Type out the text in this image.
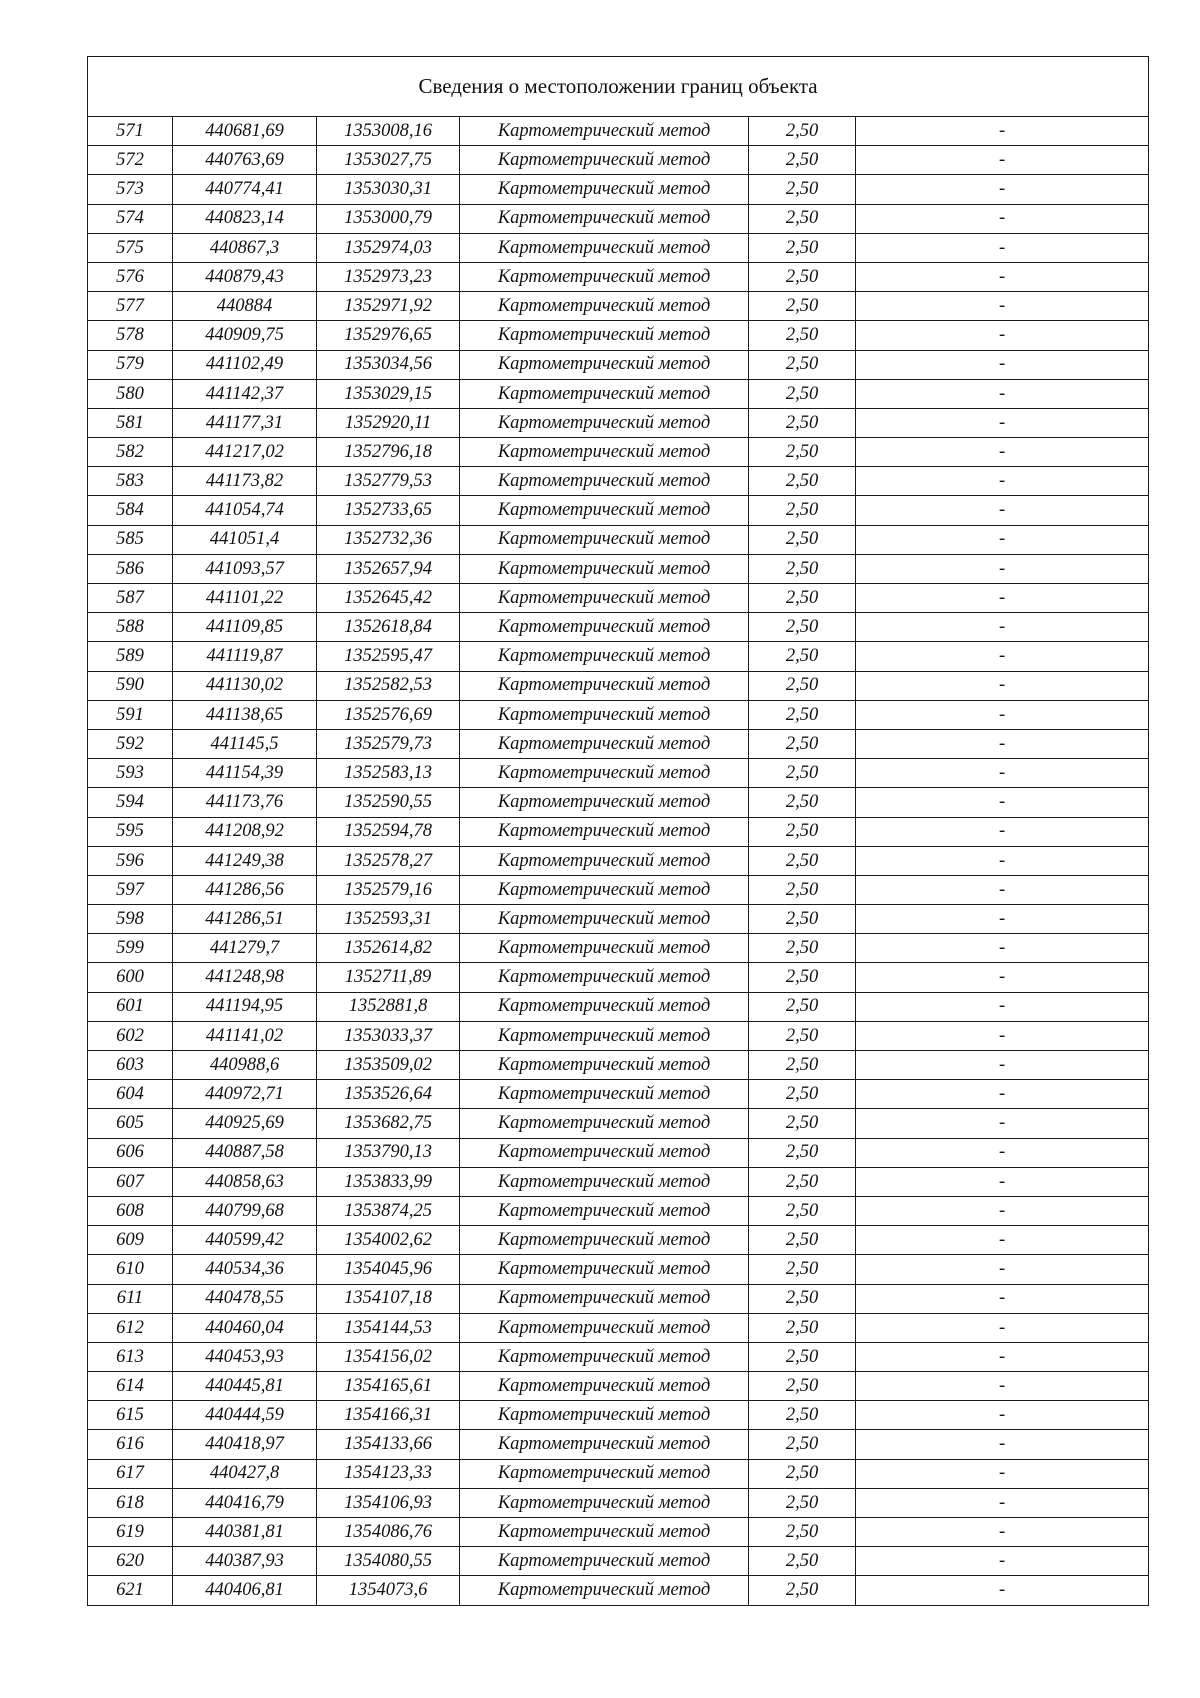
Сведения о местоположении границ объекта					
571	440681,69	1353008,16	Картометрический метод	2,50	-
572	440763,69	1353027,75	Картометрический метод	2,50	-
573	440774,41	1353030,31	Картометрический метод	2,50	-
574	440823,14	1353000,79	Картометрический метод	2,50	-
575	440867,3	1352974,03	Картометрический метод	2,50	-
576	440879,43	1352973,23	Картометрический метод	2,50	-
577	440884	1352971,92	Картометрический метод	2,50	-
578	440909,75	1352976,65	Картометрический метод	2,50	-
579	441102,49	1353034,56	Картометрический метод	2,50	-
580	441142,37	1353029,15	Картометрический метод	2,50	-
581	441177,31	1352920,11	Картометрический метод	2,50	-
582	441217,02	1352796,18	Картометрический метод	2,50	-
583	441173,82	1352779,53	Картометрический метод	2,50	-
584	441054,74	1352733,65	Картометрический метод	2,50	-
585	441051,4	1352732,36	Картометрический метод	2,50	-
586	441093,57	1352657,94	Картометрический метод	2,50	-
587	441101,22	1352645,42	Картометрический метод	2,50	-
588	441109,85	1352618,84	Картометрический метод	2,50	-
589	441119,87	1352595,47	Картометрический метод	2,50	-
590	441130,02	1352582,53	Картометрический метод	2,50	-
591	441138,65	1352576,69	Картометрический метод	2,50	-
592	441145,5	1352579,73	Картометрический метод	2,50	-
593	441154,39	1352583,13	Картометрический метод	2,50	-
594	441173,76	1352590,55	Картометрический метод	2,50	-
595	441208,92	1352594,78	Картометрический метод	2,50	-
596	441249,38	1352578,27	Картометрический метод	2,50	-
597	441286,56	1352579,16	Картометрический метод	2,50	-
598	441286,51	1352593,31	Картометрический метод	2,50	-
599	441279,7	1352614,82	Картометрический метод	2,50	-
600	441248,98	1352711,89	Картометрический метод	2,50	-
601	441194,95	1352881,8	Картометрический метод	2,50	-
602	441141,02	1353033,37	Картометрический метод	2,50	-
603	440988,6	1353509,02	Картометрический метод	2,50	-
604	440972,71	1353526,64	Картометрический метод	2,50	-
605	440925,69	1353682,75	Картометрический метод	2,50	-
606	440887,58	1353790,13	Картометрический метод	2,50	-
607	440858,63	1353833,99	Картометрический метод	2,50	-
608	440799,68	1353874,25	Картометрический метод	2,50	-
609	440599,42	1354002,62	Картометрический метод	2,50	-
610	440534,36	1354045,96	Картометрический метод	2,50	-
611	440478,55	1354107,18	Картометрический метод	2,50	-
612	440460,04	1354144,53	Картометрический метод	2,50	-
613	440453,93	1354156,02	Картометрический метод	2,50	-
614	440445,81	1354165,61	Картометрический метод	2,50	-
615	440444,59	1354166,31	Картометрический метод	2,50	-
616	440418,97	1354133,66	Картометрический метод	2,50	-
617	440427,8	1354123,33	Картометрический метод	2,50	-
618	440416,79	1354106,93	Картометрический метод	2,50	-
619	440381,81	1354086,76	Картометрический метод	2,50	-
620	440387,93	1354080,55	Картометрический метод	2,50	-
621	440406,81	1354073,6	Картометрический метод	2,50	-
